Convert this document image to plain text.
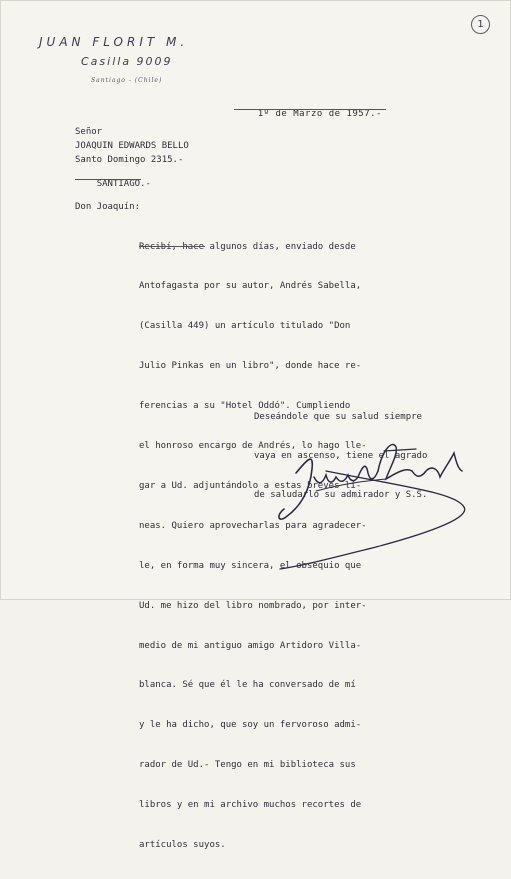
JUAN FLORIT M.
Casilla 9009
Santiago - (Chile)
1

1º de Marzo de 1957.-

Señor
JOAQUIN EDWARDS BELLO
Santo Domingo 2315.-

SANTIAGO.-

Don Joaquín:

Recibí, hace algunos días, enviado desde

Antofagasta por su autor, Andrés Sabella,

(Casilla 449) un artículo titulado "Don

Julio Pinkas en un libro", donde hace re-

ferencias a su "Hotel Oddó". Cumpliendo

el honroso encargo de Andrés, lo hago lle-

gar a Ud. adjuntándolo a estas breves lí-

neas. Quiero aprovecharlas para agradecer-

le, en forma muy sincera, el obsequio que

Ud. me hizo del libro nombrado, por inter-

medio de mi antiguo amigo Artidoro Villa-

blanca. Sé que él le ha conversado de mí

y le ha dicho, que soy un fervoroso admi-

rador de Ud.- Tengo en mi biblioteca sus

libros y en mi archivo muchos recortes de

artículos suyos.

Deseándole que su salud siempre

vaya en ascenso, tiene el agrado

de saludarlo su admirador y S.S.
